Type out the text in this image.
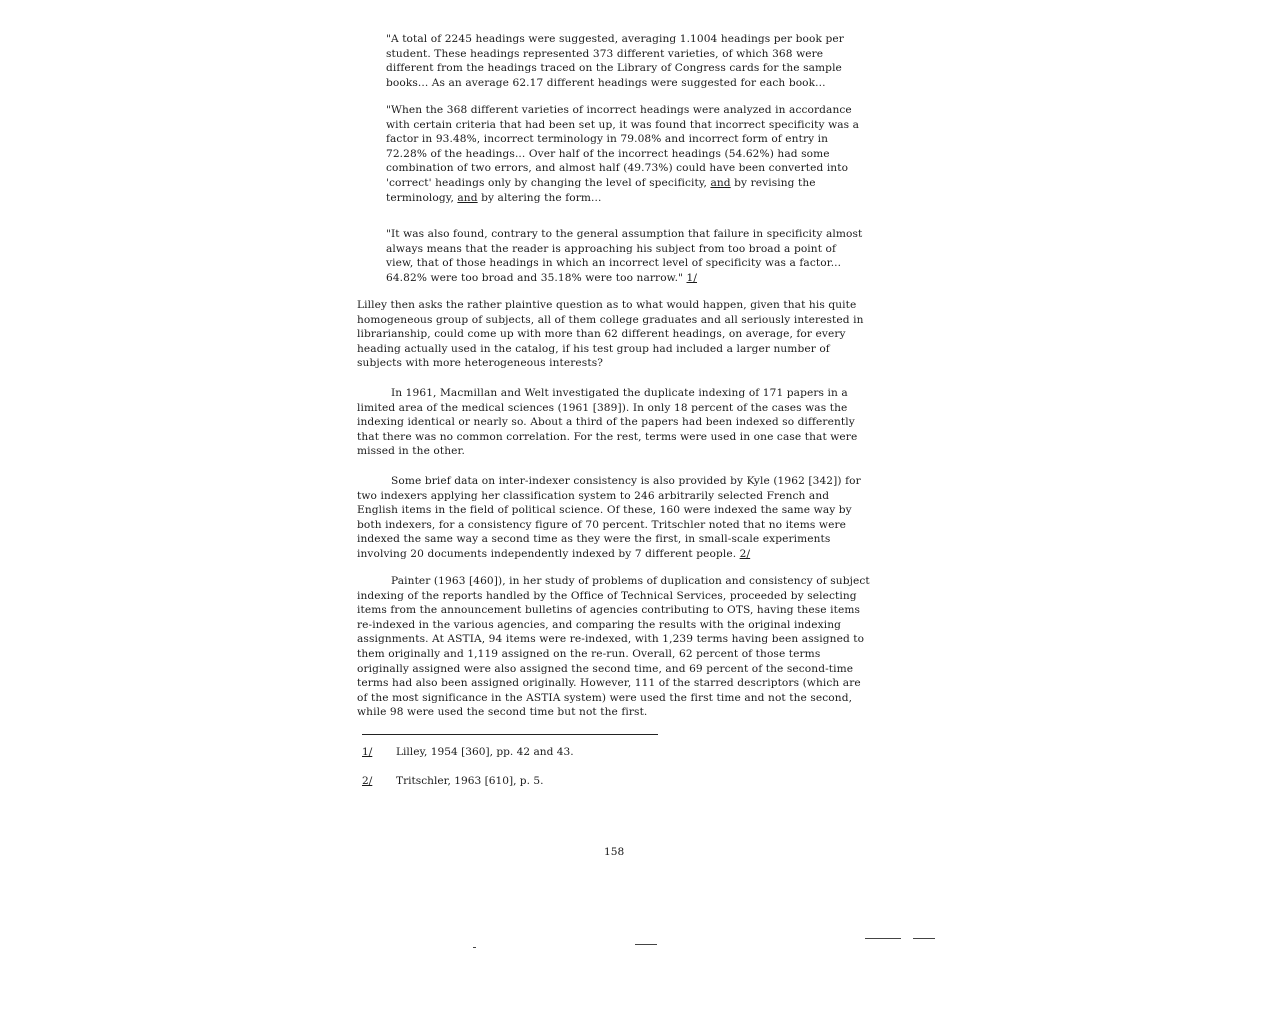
"A total of 2245 headings were suggested, averaging 1.1004 headings per book per student. These headings represented 373 different varieties, of which 368 were different from the headings traced on the Library of Congress cards for the sample books... As an average 62.17 different headings were suggested for each book...

"When the 368 different varieties of incorrect headings were analyzed in accordance with certain criteria that had been set up, it was found that incorrect specificity was a factor in 93.48%, incorrect terminology in 79.08% and incorrect form of entry in 72.28% of the headings... Over half of the incorrect headings (54.62%) had some combination of two errors, and almost half (49.73%) could have been converted into 'correct' headings only by changing the level of specificity, and by revising the terminology, and by altering the form...

"It was also found, contrary to the general assumption that failure in specificity almost always means that the reader is approaching his subject from too broad a point of view, that of those headings in which an incorrect level of specificity was a factor... 64.82% were too broad and 35.18% were too narrow." 1/

Lilley then asks the rather plaintive question as to what would happen, given that his quite homogeneous group of subjects, all of them college graduates and all seriously interested in librarianship, could come up with more than 62 different headings, on average, for every heading actually used in the catalog, if his test group had included a larger number of subjects with more heterogeneous interests?

In 1961, Macmillan and Welt investigated the duplicate indexing of 171 papers in a limited area of the medical sciences (1961 [389]). In only 18 percent of the cases was the indexing identical or nearly so. About a third of the papers had been indexed so differently that there was no common correlation. For the rest, terms were used in one case that were missed in the other.

Some brief data on inter-indexer consistency is also provided by Kyle (1962 [342]) for two indexers applying her classification system to 246 arbitrarily selected French and English items in the field of political science. Of these, 160 were indexed the same way by both indexers, for a consistency figure of 70 percent. Tritschler noted that no items were indexed the same way a second time as they were the first, in small-scale experiments involving 20 documents independently indexed by 7 different people. 2/

Painter (1963 [460]), in her study of problems of duplication and consistency of subject indexing of the reports handled by the Office of Technical Services, proceeded by selecting items from the announcement bulletins of agencies contributing to OTS, having these items re-indexed in the various agencies, and comparing the results with the original indexing assignments. At ASTIA, 94 items were re-indexed, with 1,239 terms having been assigned to them originally and 1,119 assigned on the re-run. Overall, 62 percent of those terms originally assigned were also assigned the second time, and 69 percent of the second-time terms had also been assigned originally. However, 111 of the starred descriptors (which are of the most significance in the ASTIA system) were used the first time and not the second, while 98 were used the second time but not the first.

1/ Lilley, 1954 [360], pp. 42 and 43.
2/ Tritschler, 1963 [610], p. 5.
158
